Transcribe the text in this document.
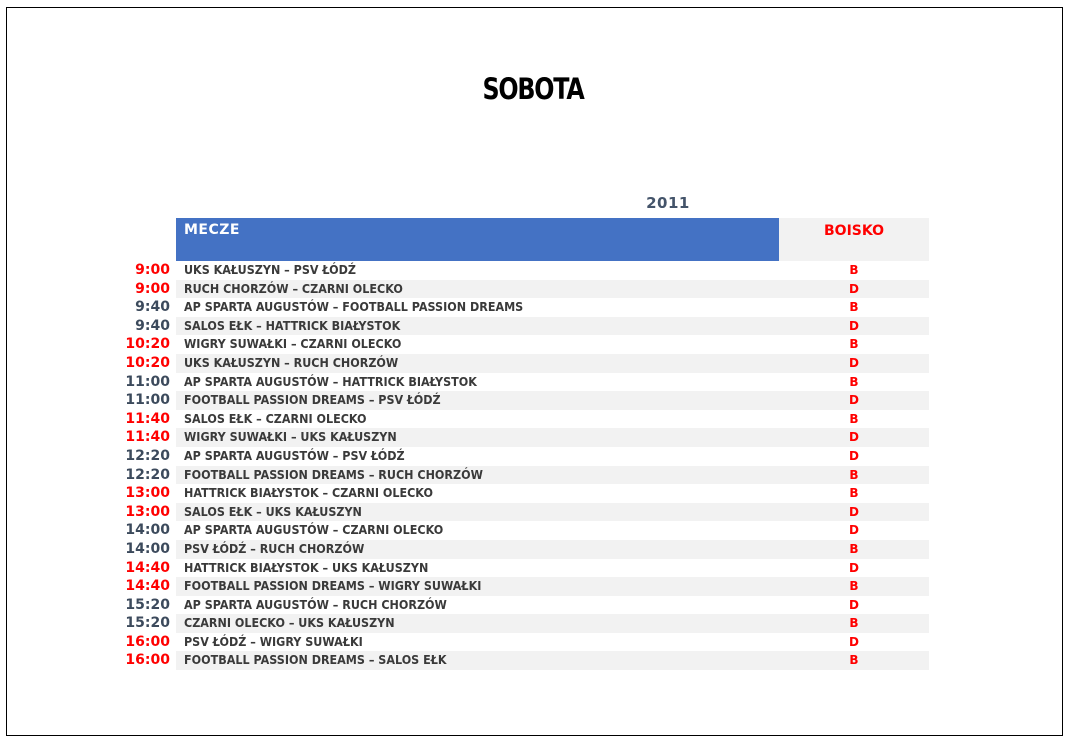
SOBOTA
2011
MECZE	BOISKO
9:00 UKS KAŁUSZYN – PSV ŁÓDŹ	B
9:00 RUCH CHORZÓW – CZARNI OLECKO	D
9:40 AP SPARTA AUGUSTÓW – FOOTBALL PASSION DREAMS	B
9:40 SALOS EŁK – HATTRICK BIAŁYSTOK	D
10:20 WIGRY SUWAŁKI – CZARNI OLECKO	B
10:20 UKS KAŁUSZYN – RUCH CHORZÓW	D
11:00 AP SPARTA AUGUSTÓW – HATTRICK BIAŁYSTOK	B
11:00 FOOTBALL PASSION DREAMS – PSV ŁÓDŹ	D
11:40 SALOS EŁK – CZARNI OLECKO	B
11:40 WIGRY SUWAŁKI – UKS KAŁUSZYN	D
12:20 AP SPARTA AUGUSTÓW – PSV ŁÓDŹ	D
12:20 FOOTBALL PASSION DREAMS – RUCH CHORZÓW	B
13:00 HATTRICK BIAŁYSTOK – CZARNI OLECKO	B
13:00 SALOS EŁK – UKS KAŁUSZYN	D
14:00 AP SPARTA AUGUSTÓW – CZARNI OLECKO	D
14:00 PSV ŁÓDŹ – RUCH CHORZÓW	B
14:40 HATTRICK BIAŁYSTOK – UKS KAŁUSZYN	D
14:40 FOOTBALL PASSION DREAMS – WIGRY SUWAŁKI	B
15:20 AP SPARTA AUGUSTÓW – RUCH CHORZÓW	D
15:20 CZARNI OLECKO – UKS KAŁUSZYN	B
16:00 PSV ŁÓDŹ – WIGRY SUWAŁKI	D
16:00 FOOTBALL PASSION DREAMS – SALOS EŁK	B
